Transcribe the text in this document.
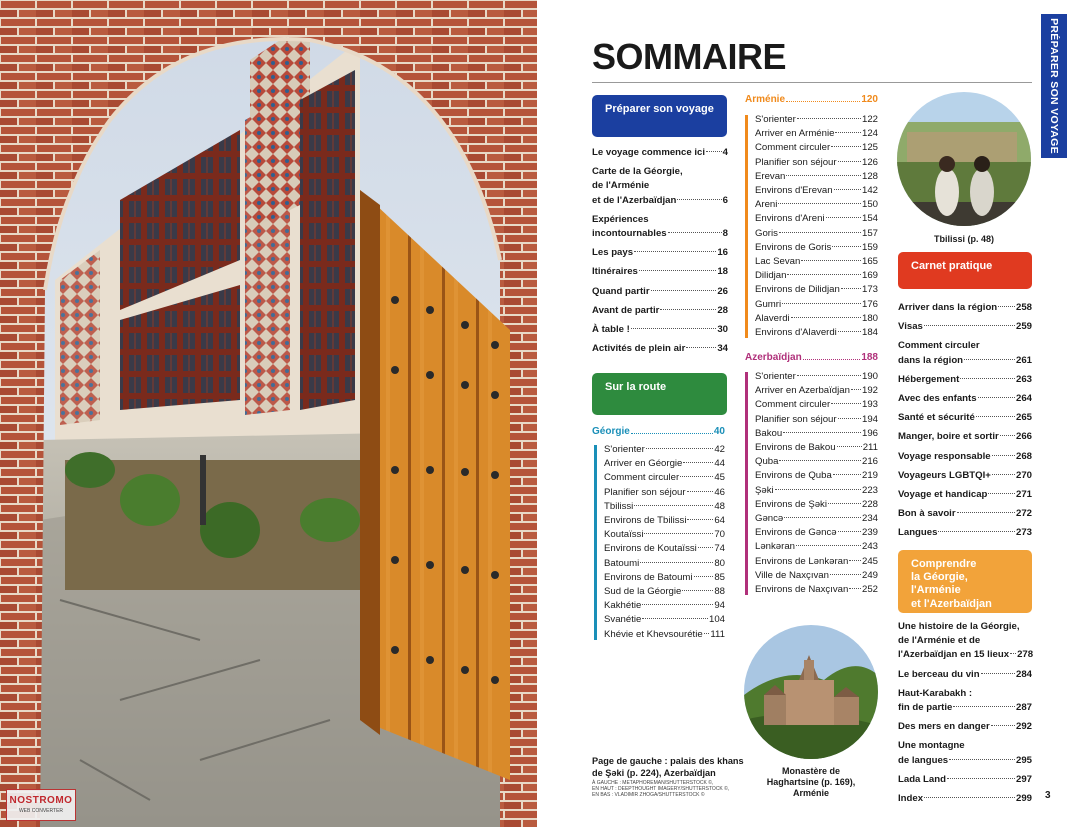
NOSTROMO
WEB CONVERTER
PRÉPARER SON VOYAGE
SOMMAIRE
Préparer son voyage
Le voyage commence ici 4
Carte de la Géorgie,
de l'Arménie
et de l'Azerbaïdjan	6
Expériences
incontournables	8
Les pays	16
Itinéraires	18
Quand partir	26
Avant de partir	28
À table !	30
Activités de plein air	34
Sur la route
Géorgie	40
S'orienter	42
Arriver en Géorgie	44
Comment circuler	45
Planifier son séjour	46
Tbilissi	48
Environs de Tbilissi	64
Koutaïssi	70
Environs de Koutaïssi 74
Batoumi	80
Environs de Batoumi 85
Sud de la Géorgie	88
Kakhétie	94
Svanétie	104
Khévie et Khevsourétie 111
Arménie	120
S'orienter	122
Arriver en Arménie	124
Comment circuler	125
Planifier son séjour	126
Erevan	128
Environs d'Erevan	142
Areni	150
Environs d'Areni	154
Goris	157
Environs de Goris	159
Lac Sevan	165
Dilidjan	169
Environs de Dilidjan 173
Gumri	176
Alaverdi	180
Environs d'Alaverdi	184
Azerbaïdjan	188
S'orienter	190
Arriver en Azerbaïdjan 192
Comment circuler	193
Planifier son séjour	194
Bakou	196
Environs de Bakou	211
Quba	216
Environs de Quba	219
Şəki	223
Environs de Şəki	228
Gəncə	234
Environs de Gəncə	239
Lənkəran	243
Environs de Lənkəran 245
Ville de Naxçıvan	249
Environs de Naxçıvan 252
Tbilissi (p. 48)
Carnet pratique
Arriver dans la région 258
Visas	259
Comment circuler
dans la région	261
Hébergement	263
Avec des enfants	264
Santé et sécurité	265
Manger, boire et sortir 266
Voyage responsable	268
Voyageurs LGBTQI+	270
Voyage et handicap	271
Bon à savoir	272
Langues	273
Comprendre
la Géorgie, l'Arménie
et l'Azerbaïdjan
Une histoire de la Géorgie,
de l'Arménie et de
l'Azerbaïdjan en 15 lieux 278
Le berceau du vin	284
Haut-Karabakh :
fin de partie	287
Des mers en danger	292
Une montagne
de langues	295
Lada Land	297
Index	299
Monastère de
Haghartsine (p. 169),
Arménie
Page de gauche : palais des khans
de Şəki (p. 224), Azerbaïdjan
À GAUCHE : METAPHOREMAN/SHUTTERSTOCK ©,
EN HAUT : DEEPTHOUGHT IMAGERY/SHUTTERSTOCK ©,
EN BAS : VLADIMIR ZHOGA/SHUTTERSTOCK ©	3
